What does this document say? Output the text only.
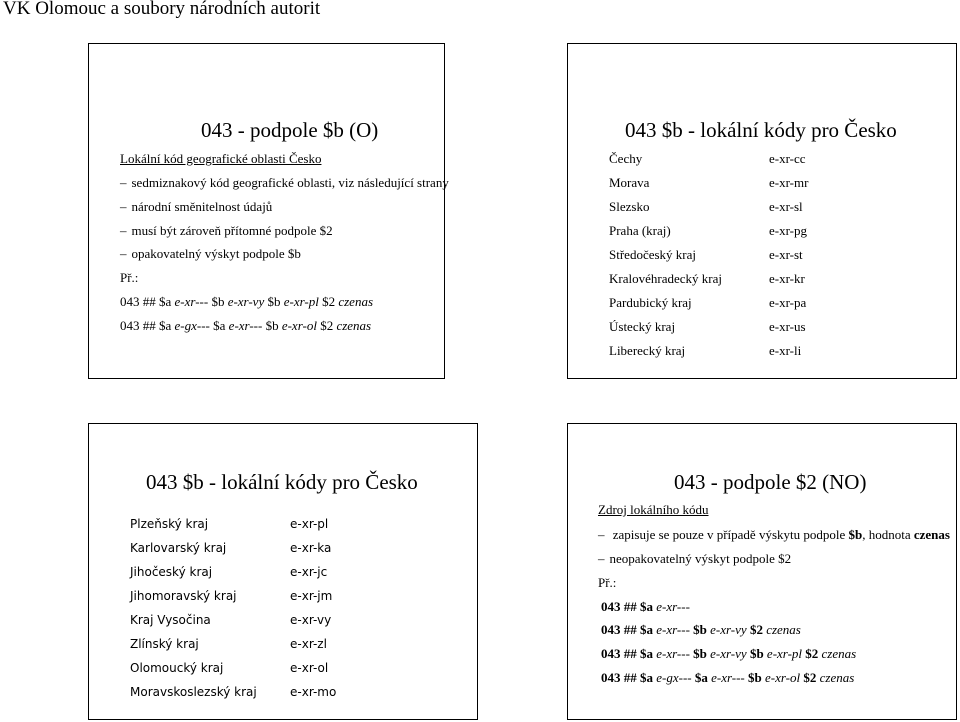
VK Olomouc a soubory národních autorit
043 - podpole $b (O)
Lokální kód geografické oblasti Česko
– sedmiznakový kód geografické oblasti, viz následující strany
– národní směnitelnost údajů
– musí být zároveň přítomné podpole $2
– opakovatelný výskyt podpole $b
Př.:
043 ## $a e-xr--- $b e-xr-vy $b e-xr-pl $2 czenas
043 ## $a e-gx--- $a e-xr--- $b e-xr-ol $2 czenas
043 $b - lokální kódy pro Česko
Čechy	e-xr-cc
Morava	e-xr-mr
Slezsko	e-xr-sl
Praha (kraj)	e-xr-pg
Středočeský kraj	e-xr-st
Kralovéhradecký kraj	e-xr-kr
Pardubický kraj	e-xr-pa
Ústecký kraj	e-xr-us
Liberecký kraj	e-xr-li
043 $b - lokální kódy pro Česko
Plzeňský kraj	e-xr-pl
Karlovarský kraj	e-xr-ka
Jihočeský kraj	e-xr-jc
Jihomoravský kraj	e-xr-jm
Kraj Vysočina	e-xr-vy
Zlínský kraj	e-xr-zl
Olomoucký kraj	e-xr-ol
Moravskoslezský kraj	e-xr-mo
043 - podpole $2 (NO)
Zdroj lokálního kódu
– zapisuje se pouze v případě výskytu podpole $b, hodnota czenas
– neopakovatelný výskyt podpole $2
Př.:
043 ## $a e-xr---
043 ## $a e-xr--- $b e-xr-vy $2 czenas
043 ## $a e-xr--- $b e-xr-vy $b e-xr-pl $2 czenas
043 ## $a e-gx--- $a e-xr--- $b e-xr-ol $2 czenas
